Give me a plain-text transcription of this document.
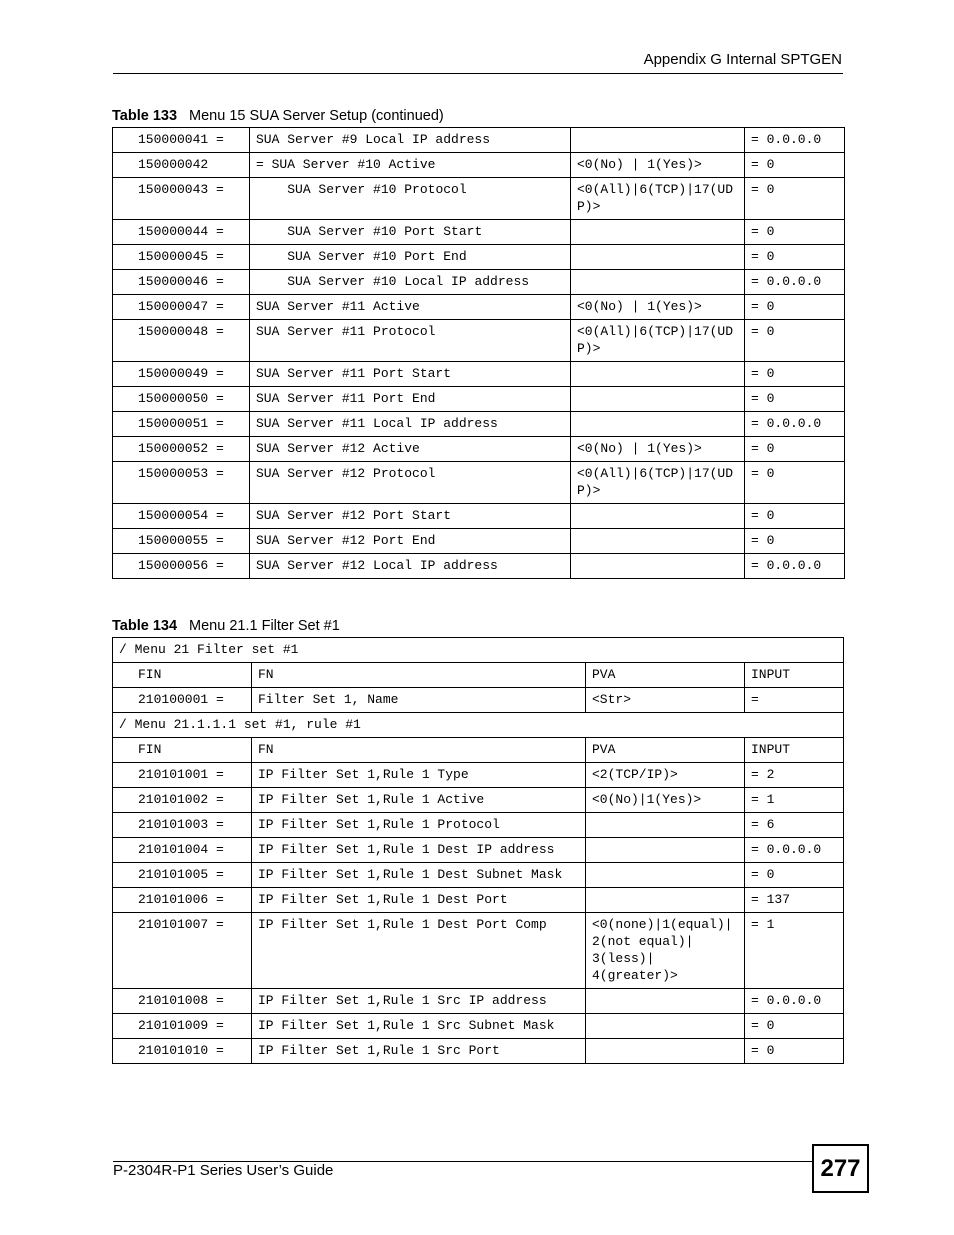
Appendix G Internal SPTGEN
Table 133 Menu 15 SUA Server Setup (continued)
150000041 =	SUA Server #9 Local IP address		= 0.0.0.0
150000042	= SUA Server #10 Active	<0(No) | 1(Yes)>	= 0
150000043 =	SUA Server #10 Protocol	<0(All)|6(TCP)|17(UDP)>	= 0
150000044 =	SUA Server #10 Port Start		= 0
150000045 =	SUA Server #10 Port End		= 0
150000046 =	SUA Server #10 Local IP address		= 0.0.0.0
150000047 =	SUA Server #11 Active	<0(No) | 1(Yes)>	= 0
150000048 =	SUA Server #11 Protocol	<0(All)|6(TCP)|17(UDP)>	= 0
150000049 =	SUA Server #11 Port Start		= 0
150000050 =	SUA Server #11 Port End		= 0
150000051 =	SUA Server #11 Local IP address		= 0.0.0.0
150000052 =	SUA Server #12 Active	<0(No) | 1(Yes)>	= 0
150000053 =	SUA Server #12 Protocol	<0(All)|6(TCP)|17(UDP)>	= 0
150000054 =	SUA Server #12 Port Start		= 0
150000055 =	SUA Server #12 Port End		= 0
150000056 =	SUA Server #12 Local IP address		= 0.0.0.0
Table 134 Menu 21.1 Filter Set #1
/ Menu 21 Filter set #1			
FIN	FN	PVA	INPUT
210100001 =	Filter Set 1, Name	<Str>	=
/ Menu 21.1.1.1 set #1, rule #1			
FIN	FN	PVA	INPUT
210101001 =	IP Filter Set 1,Rule 1 Type	<2(TCP/IP)>	= 2
210101002 =	IP Filter Set 1,Rule 1 Active	<0(No)|1(Yes)>	= 1
210101003 =	IP Filter Set 1,Rule 1 Protocol		= 6
210101004 =	IP Filter Set 1,Rule 1 Dest IP address		= 0.0.0.0
210101005 =	IP Filter Set 1,Rule 1 Dest Subnet Mask		= 0
210101006 =	IP Filter Set 1,Rule 1 Dest Port		= 137
210101007 =	IP Filter Set 1,Rule 1 Dest Port Comp	<0(none)|1(equal)|2(not equal)|
3(less)|
4(greater)>	= 1
210101008 =	IP Filter Set 1,Rule 1 Src IP address		= 0.0.0.0
210101009 =	IP Filter Set 1,Rule 1 Src Subnet Mask		= 0
210101010 =	IP Filter Set 1,Rule 1 Src Port		= 0
P-2304R-P1 Series User’s Guide	277
